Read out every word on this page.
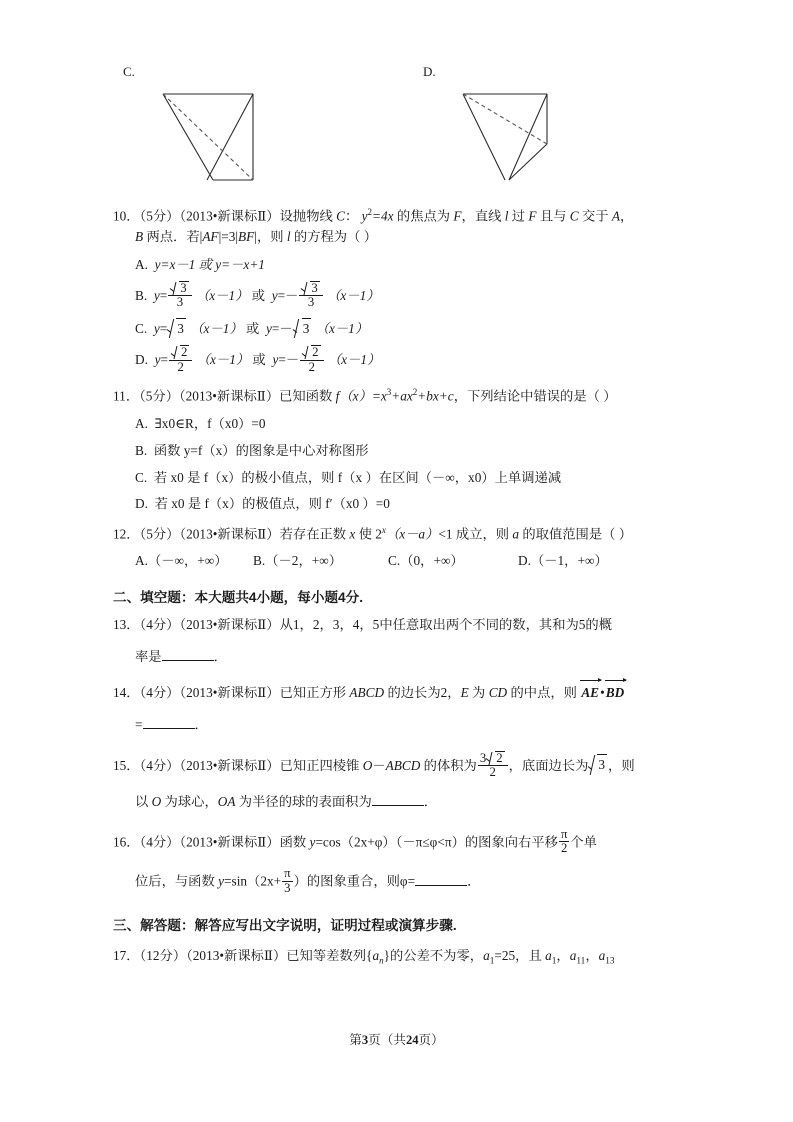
C.	D.
10．（5分）（2013•新课标Ⅱ）设抛物线 C： $y^2=4x$ 的焦点为 F，直线 l 过 F 且与 C 交于 A，
B 两点．若|AF|=3|BF|，则 l 的方程为（ ）
A. y=x－1 或 y=－x+1
B. $y= \frac{3}{3} (x-1)$ 或  $y=- \frac{3}{3} (x-1)$
C. y= 3 （x－1） 或  y=－ 3 （x－1）
D. $y= \frac{2}{2} (x-1)$ 或  $y=- \frac{2}{2} (x-1)$
11．（5分）（2013•新课标Ⅱ）已知函数 $f(x)=x^3+ax^2+bx+c$，下列结论中错误的是（ ）
A. ∃x0∈R，f（x0）=0
B. 函数 y=f（x）的图象是中心对称图形
C. 若 x0 是 f（x）的极小值点，则 f（x ）在区间（－∞，x0）上单调递减
D. 若 x0 是 f（x）的极值点，则 f′（x0 ）=0
12．（5分）（2013•新课标Ⅱ）若存在正数 x 使 $2^x(x-a)<1$ 成立，则 a 的取值范围是（ ）
A.（－∞，+∞）	B.（－2，+∞）	C.（0，+∞）	D.（－1，+∞）
二、填空题：本大题共4小题，每小题4分.
13．（4分）（2013•新课标Ⅱ）从1，2，3，4，5中任意取出两个不同的数，其和为5的概
率是	．
14．（4分）（2013•新课标Ⅱ）已知正方形 ABCD 的边长为2，E 为 CD 的中点，则 AE
•BD
=	．
15．（4分）（2013•新课标Ⅱ）已知正四棱锥 O－ABCD 的体积为 $\frac{3 2}{2}$ ，底面边长为 3 ，则
以 O 为球心，OA 为半径的球的表面积为	．
16．（4分）（2013•新课标Ⅱ）函数 y=cos（2x+φ）（－π≤φ<π）的图象向右平移 $\frac{\pi}{2}$ 个单
位后，与函数 $y=\sin(2x+ \frac{\pi}{3}$ ）的图象重合，则φ=	．
三、解答题：解答应写出文字说明，证明过程或演算步骤.
17．（12分）（2013•新课标Ⅱ）已知等差数列$\{a_n\}$的公差不为零，$a_1=25$，且 $a_1$，$a_{11}$，$a_{13}$
第3页（共24页）
